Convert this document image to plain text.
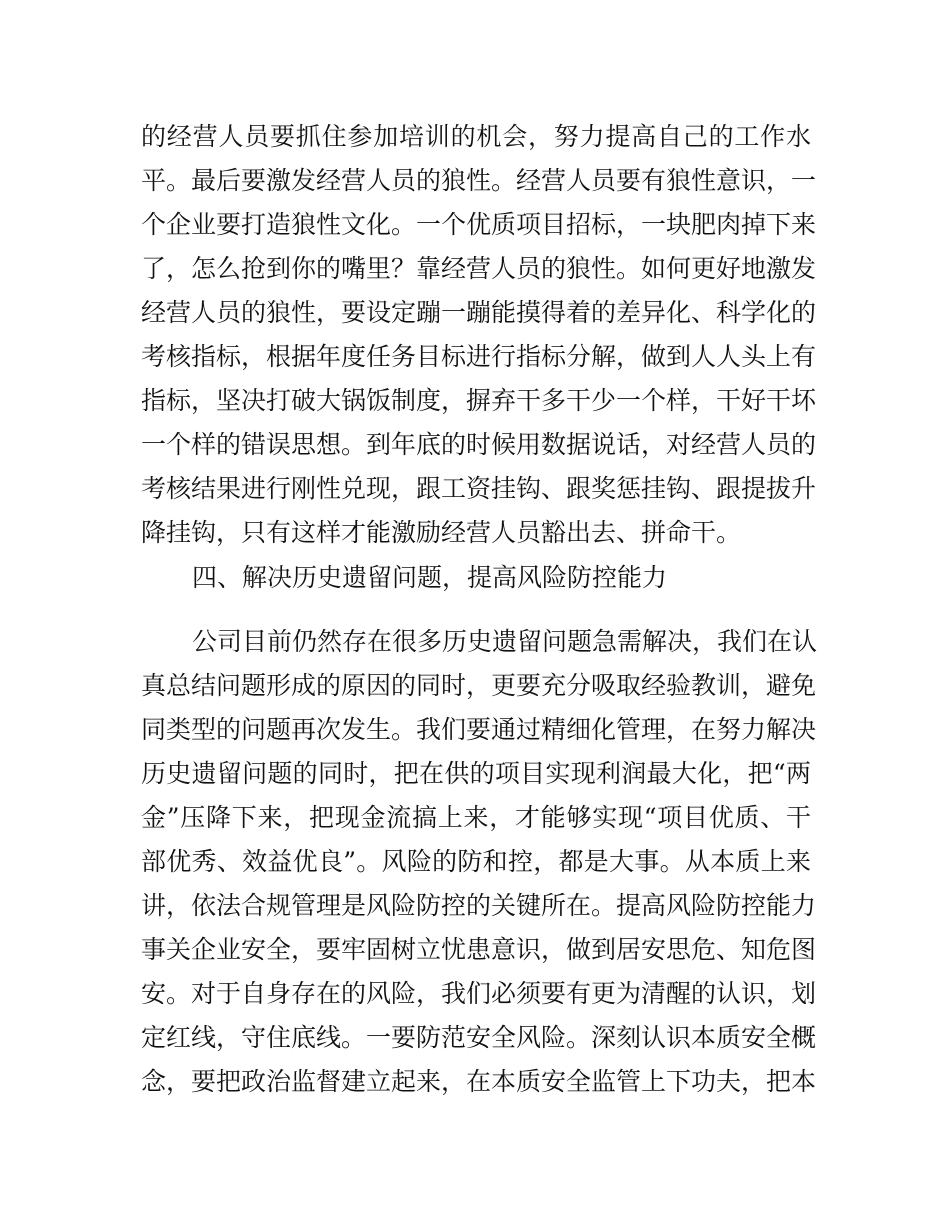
的经营人员要抓住参加培训的机会，努力提高自己的工作水
平。最后要激发经营人员的狼性。经营人员要有狼性意识，一
个企业要打造狼性文化。一个优质项目招标，一块肥肉掉下来
了，怎么抢到你的嘴里？靠经营人员的狼性。如何更好地激发
经营人员的狼性，要设定蹦一蹦能摸得着的差异化、科学化的
考核指标，根据年度任务目标进行指标分解，做到人人头上有
指标，坚决打破大锅饭制度，摒弃干多干少一个样，干好干坏
一个样的错误思想。到年底的时候用数据说话，对经营人员的
考核结果进行刚性兑现，跟工资挂钩、跟奖惩挂钩、跟提拔升
降挂钩，只有这样才能激励经营人员豁出去、拼命干。
四、解决历史遗留问题，提高风险防控能力
公司目前仍然存在很多历史遗留问题急需解决，我们在认
真总结问题形成的原因的同时，更要充分吸取经验教训，避免
同类型的问题再次发生。我们要通过精细化管理，在努力解决
历史遗留问题的同时，把在供的项目实现利润最大化，把“两
金”压降下来，把现金流搞上来，才能够实现“项目优质、干
部优秀、效益优良”。风险的防和控，都是大事。从本质上来
讲，依法合规管理是风险防控的关键所在。提高风险防控能力
事关企业安全，要牢固树立忧患意识，做到居安思危、知危图
安。对于自身存在的风险，我们必须要有更为清醒的认识，划
定红线，守住底线。一要防范安全风险。深刻认识本质安全概
念，要把政治监督建立起来，在本质安全监管上下功夫，把本
